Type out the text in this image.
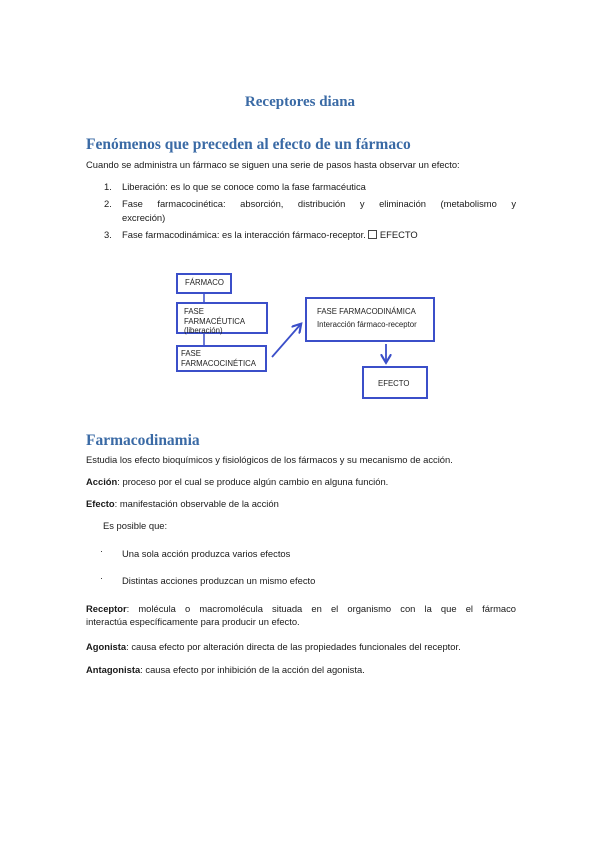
Receptores diana
Fenómenos que preceden al efecto de un fármaco
Cuando se administra un fármaco se siguen una serie de pasos hasta observar un efecto:
1. Liberación: es lo que se conoce como la fase farmacéutica
2. Fase farmacocinética: absorción, distribución y eliminación (metabolismo y
excreción)
3. Fase farmacodinámica: es la interacción fármaco-receptor. EFECTO
FÁRMACO
FASE FARMACÉUTICA
(liberación)
FASE
FARMACOCINÉTICA
FASE FARMACODINÁMICA
Interacción fármaco-receptor
EFECTO
Farmacodinamia
Estudia los efecto bioquímicos y fisiológicos de los fármacos y su mecanismo de acción.
Acción: proceso por el cual se produce algún cambio en alguna función.
Efecto: manifestación observable de la acción
Es posible que:
· Una sola acción produzca varios efectos
· Distintas acciones produzcan un mismo efecto
Receptor: molécula o macromolécula situada en el organismo con la que el fármaco
interactúa específicamente para producir un efecto.
Agonista: causa efecto por alteración directa de las propiedades funcionales del receptor.
Antagonista: causa efecto por inhibición de la acción del agonista.
